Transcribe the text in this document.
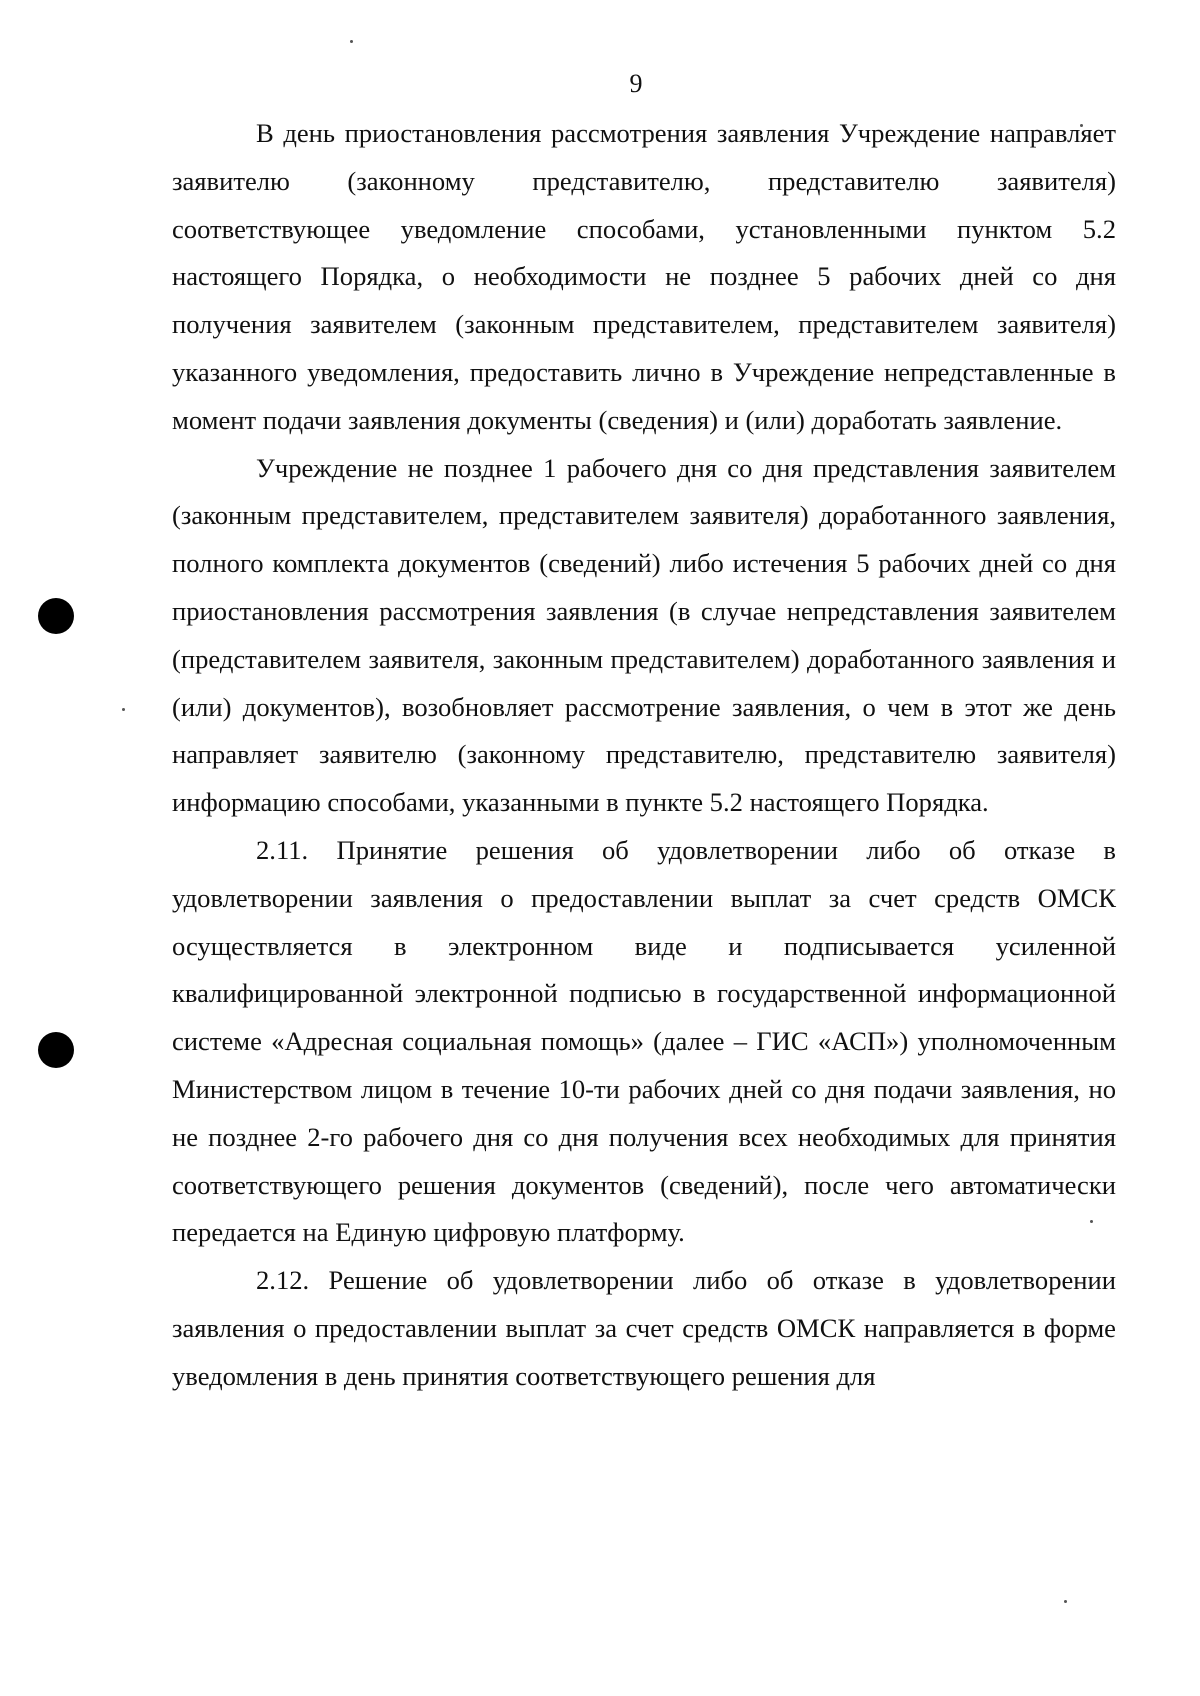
9

В день приостановления рассмотрения заявления Учреждение направляет заявителю (законному представителю, представителю заявителя) соответствующее уведомление способами, установленными пунктом 5.2 настоящего Порядка, о необходимости не позднее 5 рабочих дней со дня получения заявителем (законным представителем, представителем заявителя) указанного уведомления, предоставить лично в Учреждение непредставленные в момент подачи заявления документы (сведения) и (или) доработать заявление.

Учреждение не позднее 1 рабочего дня со дня представления заявителем (законным представителем, представителем заявителя) доработанного заявления, полного комплекта документов (сведений) либо истечения 5 рабочих дней со дня приостановления рассмотрения заявления (в случае непредставления заявителем (представителем заявителя, законным представителем) доработанного заявления и (или) документов), возобновляет рассмотрение заявления, о чем в этот же день направляет заявителю (законному представителю, представителю заявителя) информацию способами, указанными в пункте 5.2 настоящего Порядка.

2.11. Принятие решения об удовлетворении либо об отказе в удовлетворении заявления о предоставлении выплат за счет средств ОМСК осуществляется в электронном виде и подписывается усиленной квалифицированной электронной подписью в государственной информационной системе «Адресная социальная помощь» (далее – ГИС «АСП») уполномоченным Министерством лицом в течение 10-ти рабочих дней со дня подачи заявления, но не позднее 2-го рабочего дня со дня получения всех необходимых для принятия соответствующего решения документов (сведений), после чего автоматически передается на Единую цифровую платформу.

2.12. Решение об удовлетворении либо об отказе в удовлетворении заявления о предоставлении выплат за счет средств ОМСК направляется в форме уведомления в день принятия соответствующего решения для
